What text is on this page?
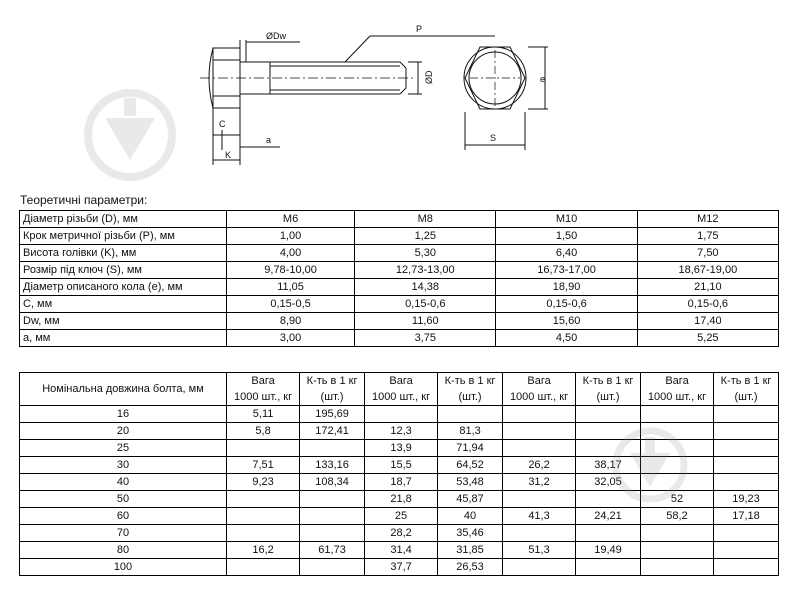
ØDw
P
ØD	e
C
a
K
S
Теоретичні параметри:
Діаметр різьби (D), мм	M6	M8	M10	M12
Крок метричної різьби (P), мм	1,00	1,25	1,50	1,75
Висота голівки (K), мм	4,00	5,30	6,40	7,50
Розмір під ключ (S), мм	9,78-10,00	12,73-13,00	16,73-17,00	18,67-19,00
Діаметр описаного кола (е), мм	11,05	14,38	18,90	21,10
С, мм	0,15-0,5	0,15-0,6	0,15-0,6	0,15-0,6
Dw, мм	8,90	11,60	15,60	17,40
а, мм	3,00	3,75	4,50	5,25
Номінальна довжина болта, мм	Вага	К-ть в 1 кг	Вага	К-ть в 1 кг	Вага	К-ть в 1 кг	Вага	К-ть в 1 кг
	1000 шт., кг	(шт.)	1000 шт., кг	(шт.)	1000 шт., кг	(шт.)	1000 шт., кг	(шт.)
16	5,11	195,69						
20	5,8	172,41	12,3	81,3				
25			13,9	71,94				
30	7,51	133,16	15,5	64,52	26,2	38,17		
40	9,23	108,34	18,7	53,48	31,2	32,05		
50			21,8	45,87			52	19,23
60			25	40	41,3	24,21	58,2	17,18
70			28,2	35,46				
80	16,2	61,73	31,4	31,85	51,3	19,49		
100			37,7	26,53				
